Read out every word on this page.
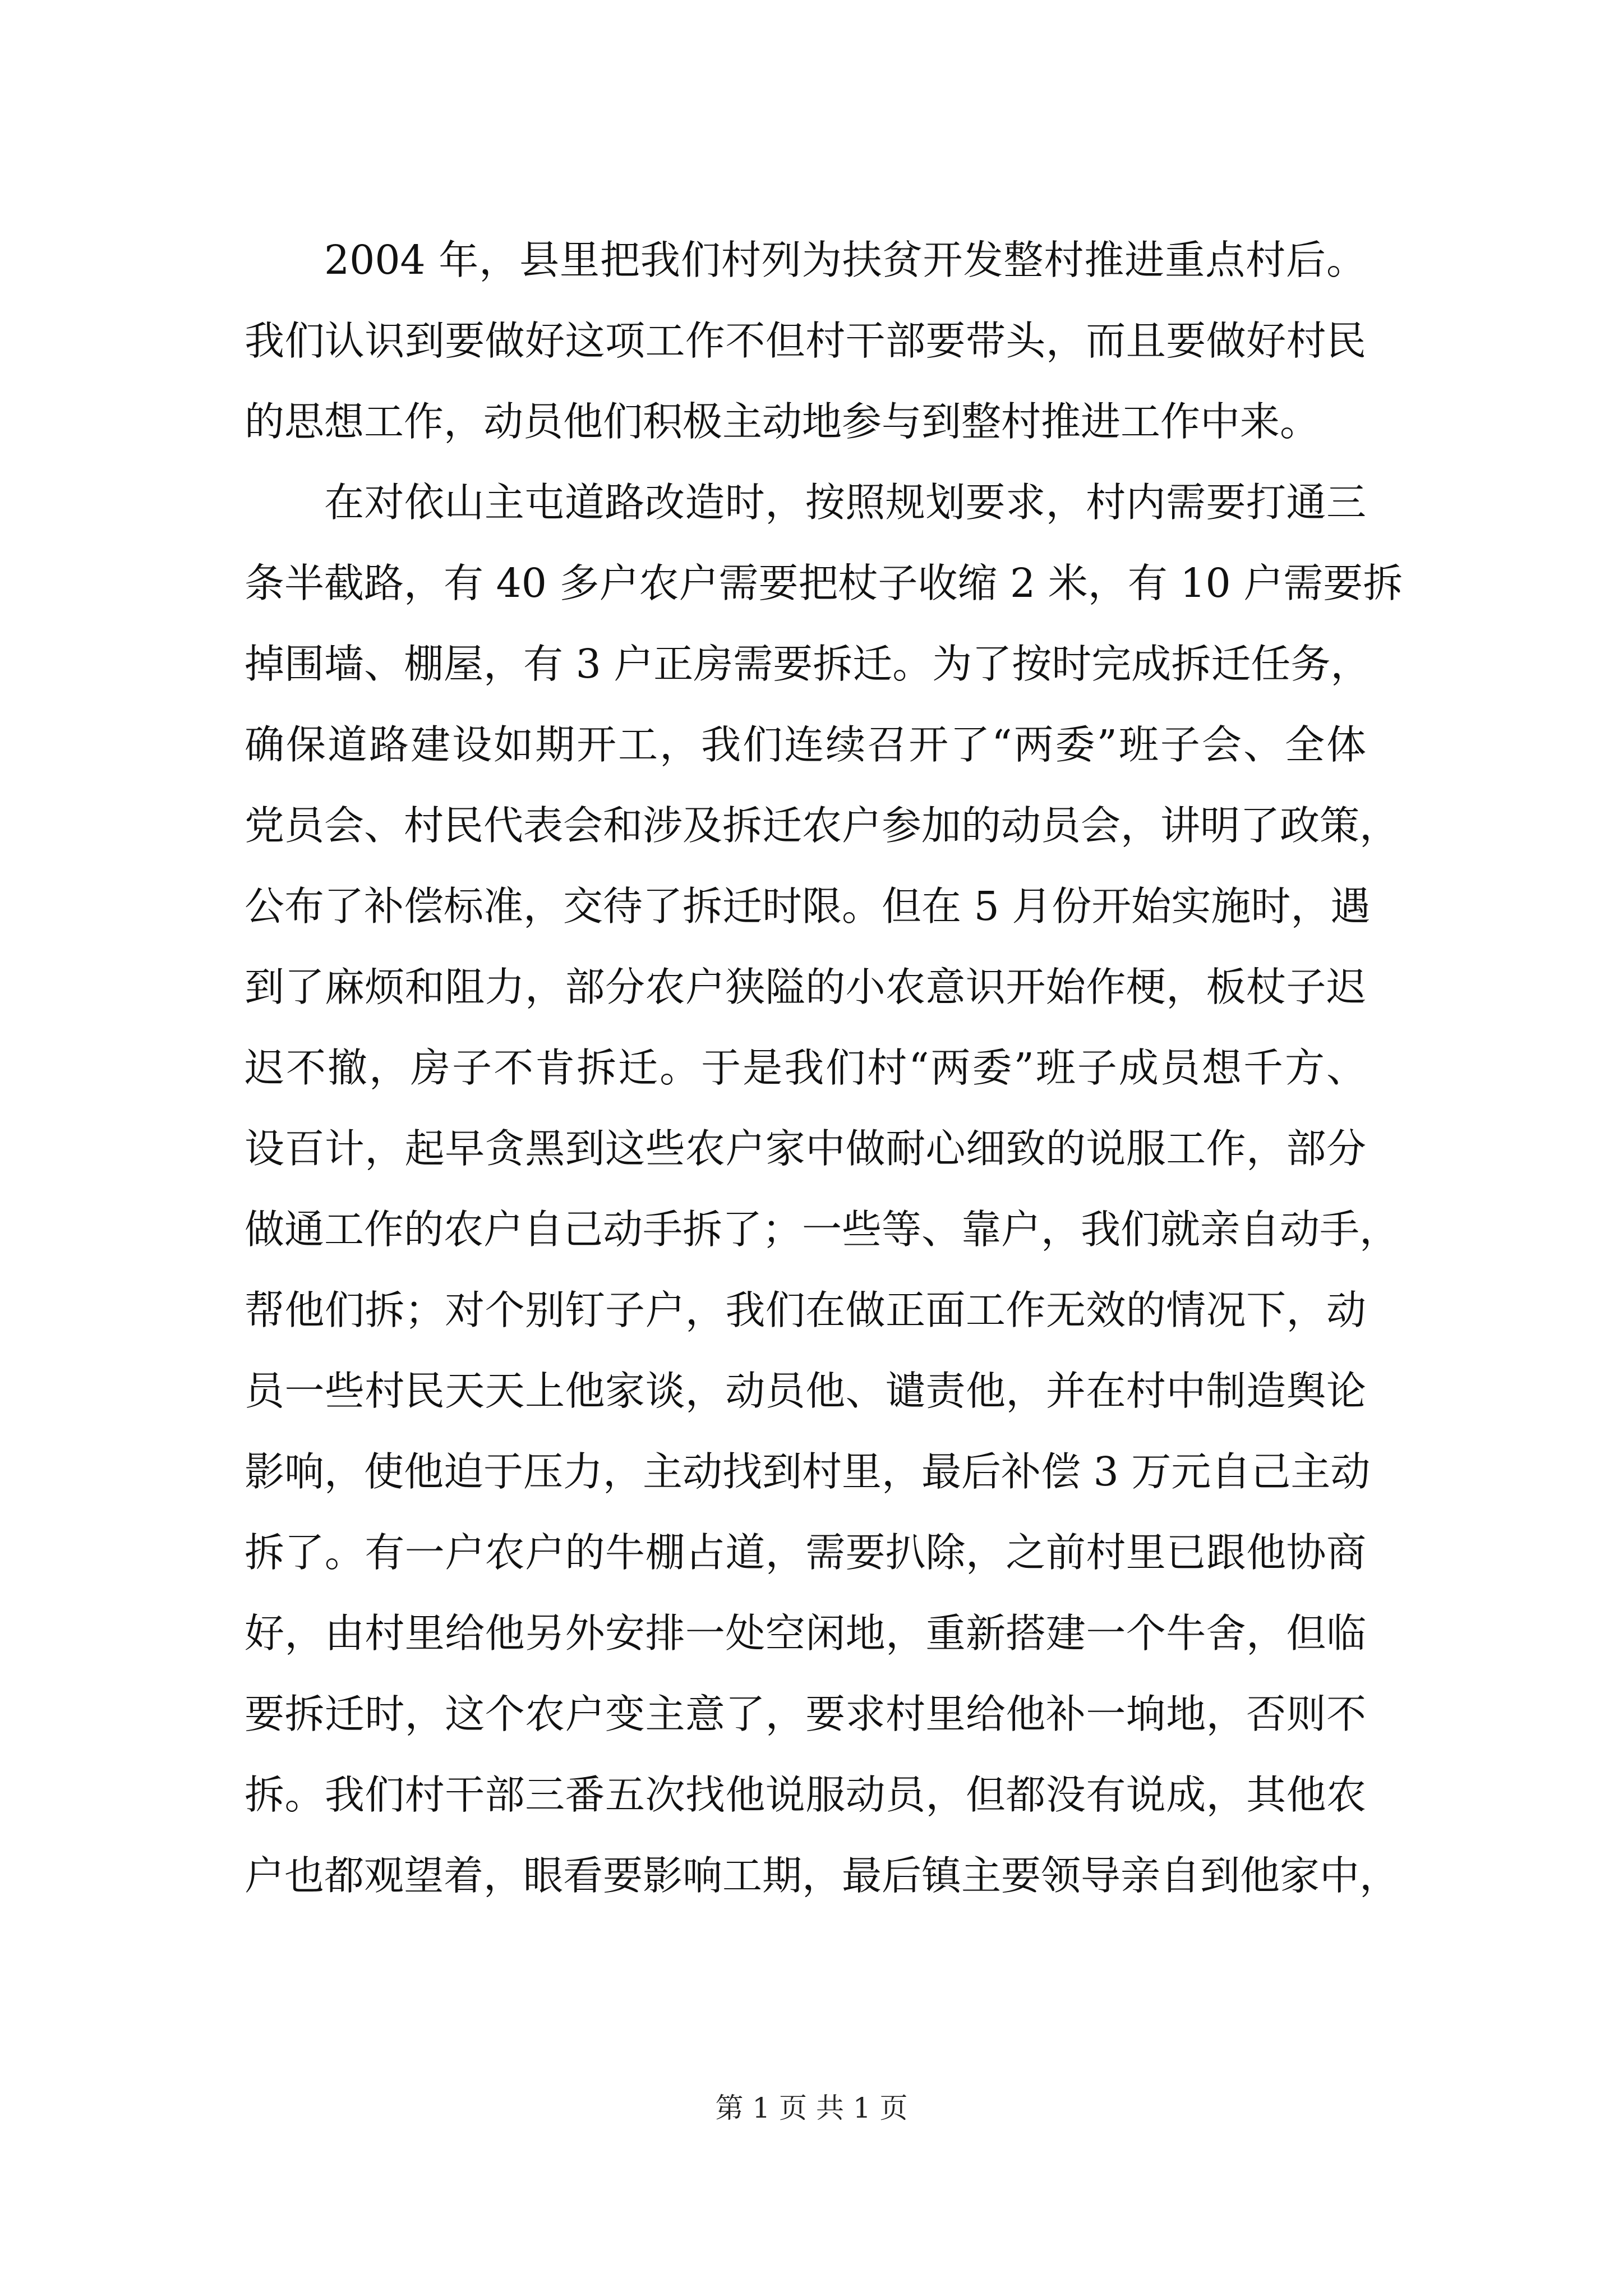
2004 年，县里把我们村列为扶贫开发整村推进重点村后。
我们认识到要做好这项工作不但村干部要带头，而且要做好村民
的思想工作，动员他们积极主动地参与到整村推进工作中来。
在对依山主屯道路改造时，按照规划要求，村内需要打通三
条半截路，有 40 多户农户需要把杖子收缩 2 米，有 10 户需要拆
掉围墙、棚屋，有 3 户正房需要拆迁。为了按时完成拆迁任务，
确保道路建设如期开工，我们连续召开了“两委”班子会、全体
党员会、村民代表会和涉及拆迁农户参加的动员会，讲明了政策，
公布了补偿标准，交待了拆迁时限。但在 5 月份开始实施时，遇
到了麻烦和阻力，部分农户狭隘的小农意识开始作梗，板杖子迟
迟不撤，房子不肯拆迁。于是我们村“两委”班子成员想千方、
设百计，起早贪黑到这些农户家中做耐心细致的说服工作，部分
做通工作的农户自己动手拆了；一些等、靠户，我们就亲自动手，
帮他们拆；对个别钉子户，我们在做正面工作无效的情况下，动
员一些村民天天上他家谈，动员他、谴责他，并在村中制造舆论
影响，使他迫于压力，主动找到村里，最后补偿 3 万元自己主动
拆了。有一户农户的牛棚占道，需要扒除，之前村里已跟他协商
好，由村里给他另外安排一处空闲地，重新搭建一个牛舍，但临
要拆迁时，这个农户变主意了，要求村里给他补一垧地，否则不
拆。我们村干部三番五次找他说服动员，但都没有说成，其他农
户也都观望着，眼看要影响工期，最后镇主要领导亲自到他家中，
第 1 页 共 1 页
